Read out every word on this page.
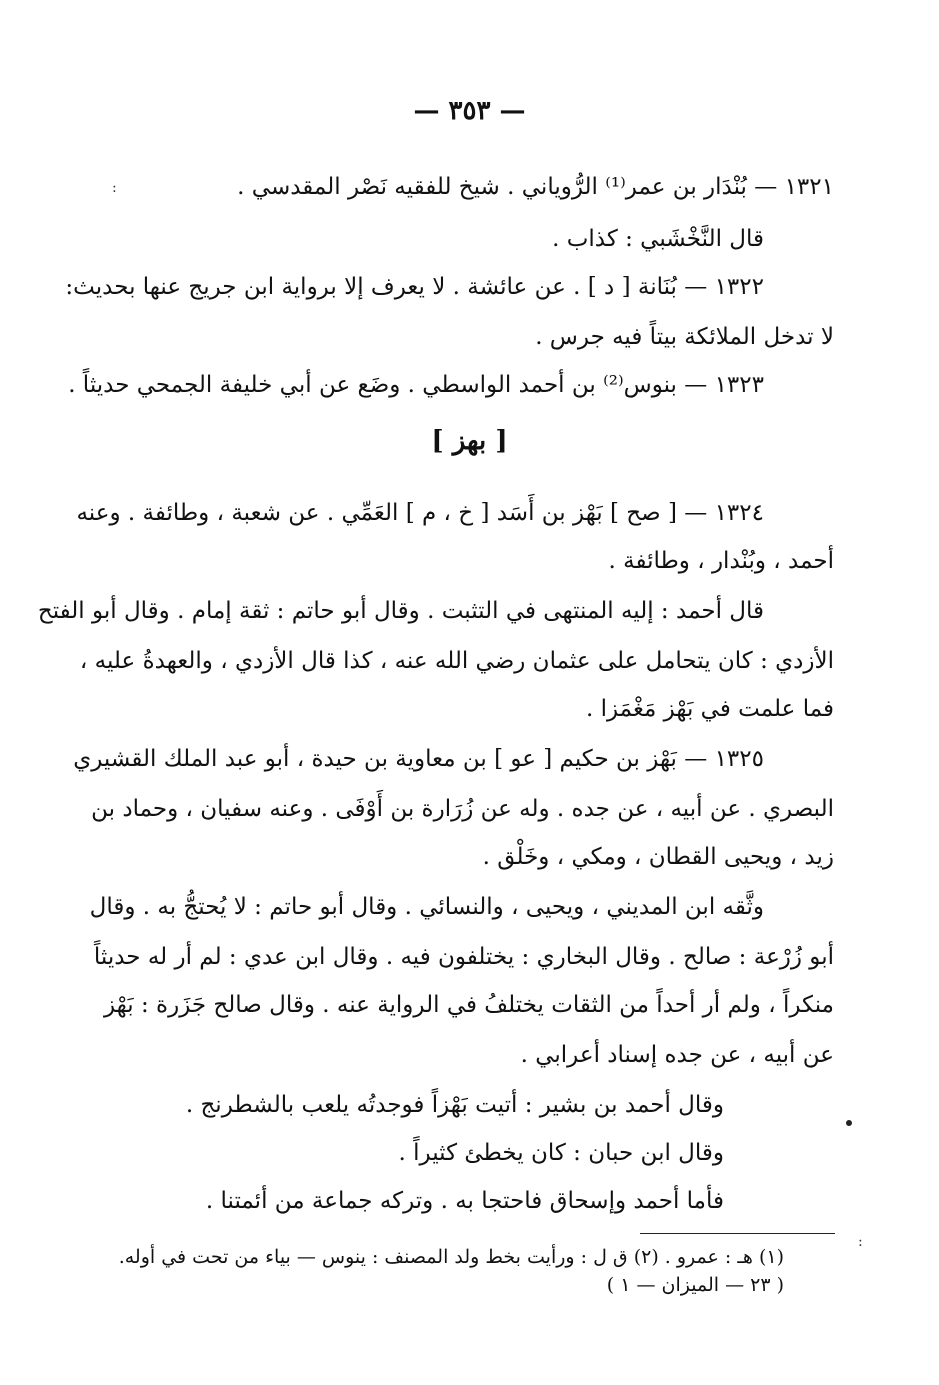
— ٣٥٣ —
١٣٢١ — بُنْدَار بن عمر⁽¹⁾ الرُّوياني . شيخ للفقيه نَصْر المقدسي .
قال النَّخْشَبي : كذاب .
١٣٢٢ — بُنَانة [ د ] . عن عائشة . لا يعرف إلا برواية ابن جريج عنها بحديث:
لا تدخل الملائكة بيتاً فيه جرس .
١٣٢٣ — بنوس⁽²⁾ بن أحمد الواسطي . وضَع عن أبي خليفة الجمحي حديثاً .
[ بهز ]
١٣٢٤ — [ صح ] بَهْز بن أَسَد [ خ ، م ] العَمِّي . عن شعبة ، وطائفة . وعنه
أحمد ، وبُنْدار ، وطائفة .
قال أحمد : إليه المنتهى في التثبت . وقال أبو حاتم : ثقة إمام . وقال أبو الفتح
الأزدي : كان يتحامل على عثمان رضي الله عنه ، كذا قال الأزدي ، والعهدةُ عليه ،
فما علمت في بَهْز مَغْمَزا .
١٣٢٥ — بَهْز بن حكيم [ عو ] بن معاوية بن حيدة ، أبو عبد الملك القشيري
البصري . عن أبيه ، عن جده . وله عن زُرَارة بن أَوْفَى . وعنه سفيان ، وحماد بن
زيد ، ويحيى القطان ، ومكي ، وخَلْق .
وثَّقه ابن المديني ، ويحيى ، والنسائي . وقال أبو حاتم : لا يُحتجُّ به . وقال
أبو زُرْعة : صالح . وقال البخاري : يختلفون فيه . وقال ابن عدي : لم أر له حديثاً
منكراً ، ولم أر أحداً من الثقات يختلفُ في الرواية عنه . وقال صالح جَزَرة : بَهْز
عن أبيه ، عن جده إسناد أعرابي .
وقال أحمد بن بشير : أتيت بَهْزاً فوجدتُه يلعب بالشطرنج .
وقال ابن حبان : كان يخطئ كثيراً .
فأما أحمد وإسحاق فاحتجا به . وتركه جماعة من أئمتنا .
(١) هـ : عمرو . (٢) ق ل : ورأيت بخط ولد المصنف : ينوس — بياء من تحت في أوله.
( ٢٣ — الميزان — ١ )
:
:
